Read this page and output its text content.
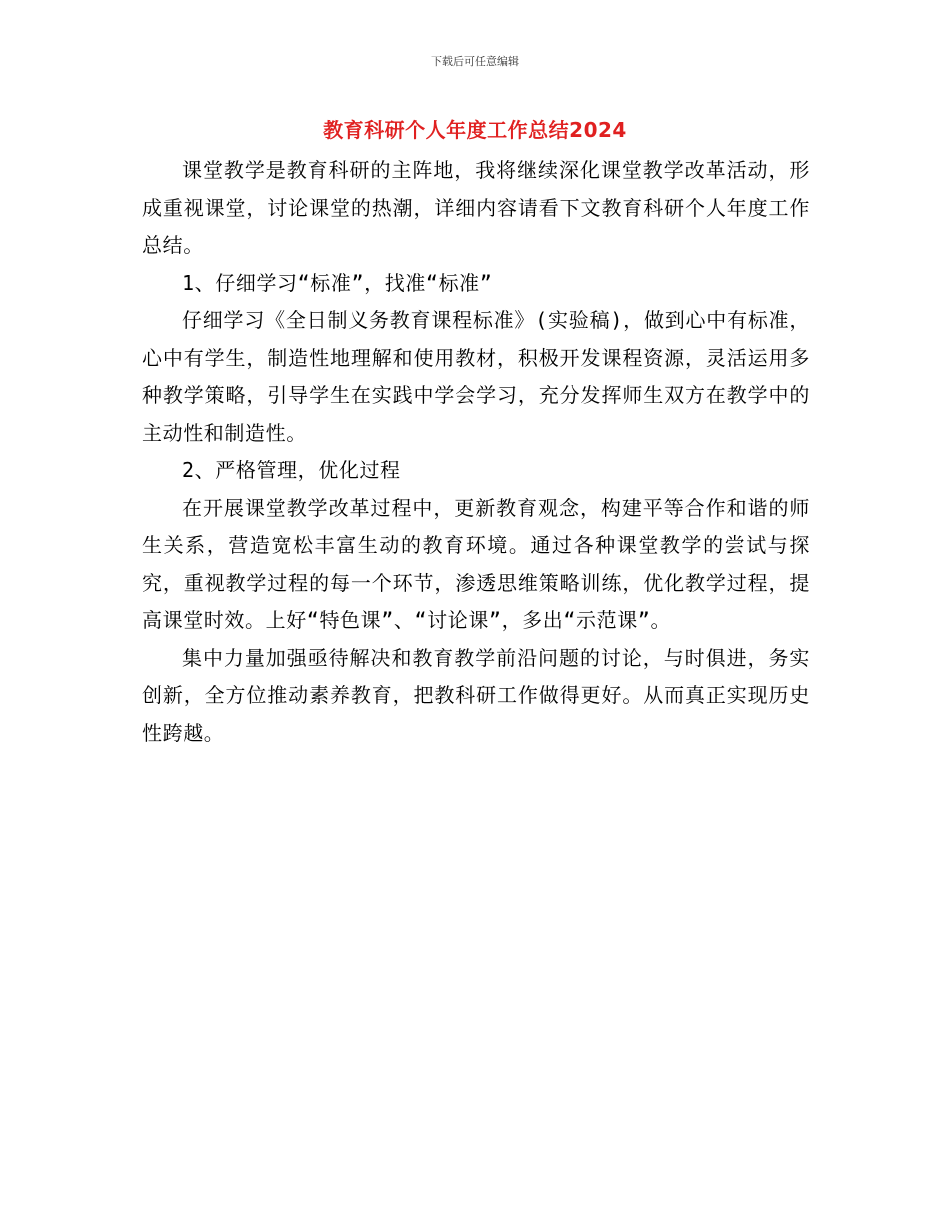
下载后可任意编辑
教育科研个人年度工作总结2024

课堂教学是教育科研的主阵地，我将继续深化课堂教学改革活动，形成重视课堂，讨论课堂的热潮，详细内容请看下文教育科研个人年度工作总结。

1、仔细学习“标准”，找准“标准”

仔细学习《全日制义务教育课程标准》(实验稿)，做到心中有标准，心中有学生，制造性地理解和使用教材，积极开发课程资源，灵活运用多种教学策略，引导学生在实践中学会学习，充分发挥师生双方在教学中的主动性和制造性。

2、严格管理，优化过程

在开展课堂教学改革过程中，更新教育观念，构建平等合作和谐的师生关系，营造宽松丰富生动的教育环境。通过各种课堂教学的尝试与探究，重视教学过程的每一个环节，渗透思维策略训练，优化教学过程，提高课堂时效。上好“特色课”、“讨论课”，多出“示范课”。

集中力量加强亟待解决和教育教学前沿问题的讨论，与时俱进，务实创新，全方位推动素养教育，把教科研工作做得更好。从而真正实现历史性跨越。
